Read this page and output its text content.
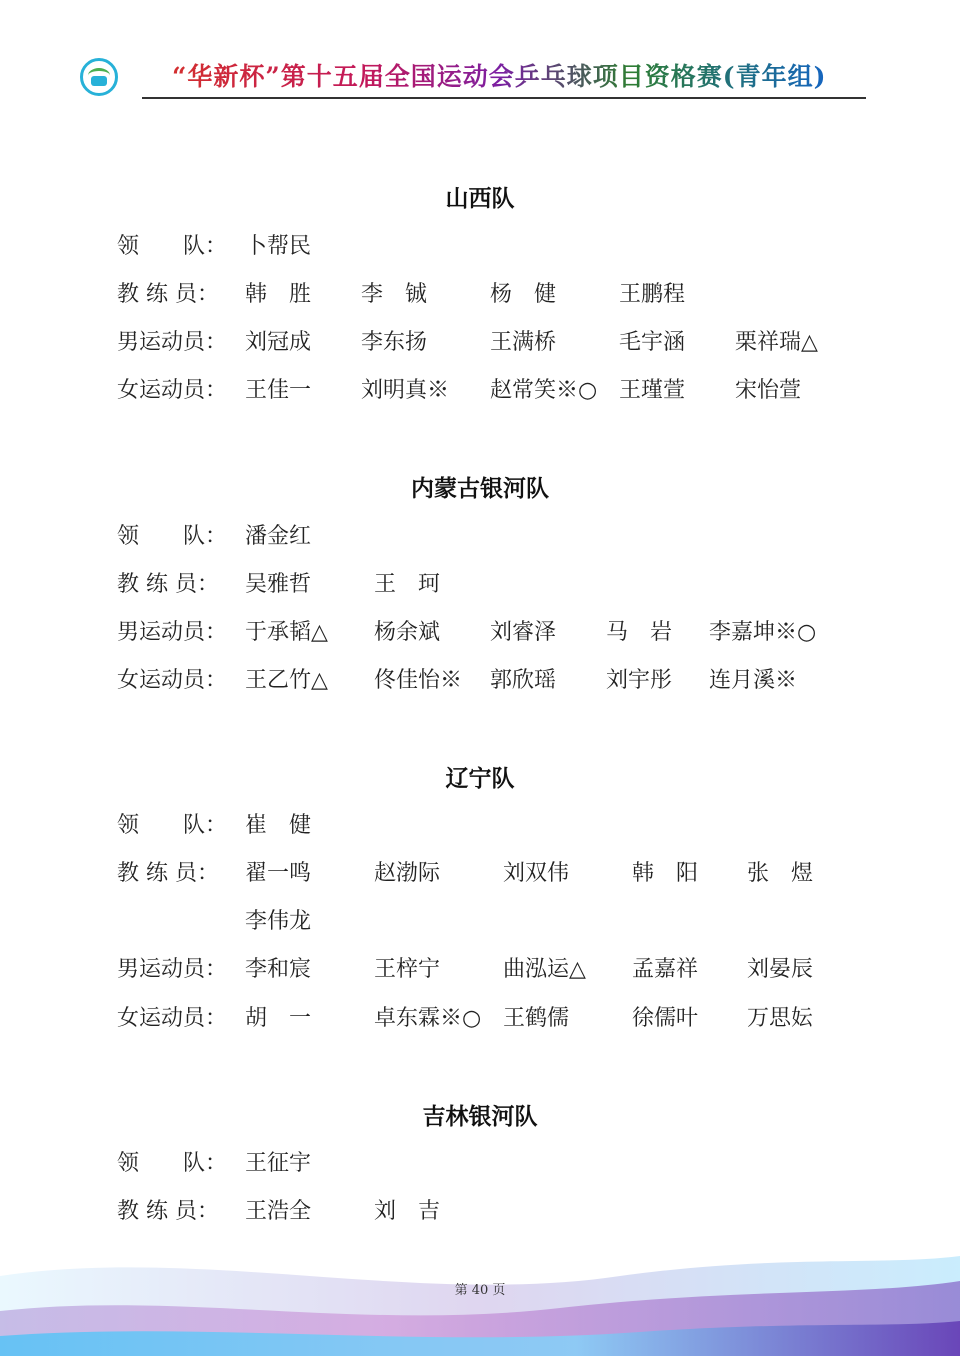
“华新杯”第十五届全国运动会乒乓球项目资格赛(青年组)
山西队
领　　队： 卜帮民
教 练 员： 韩　胜 李　铖	杨　健	王鹏程
男运动员： 刘冠成 李东扬	王满桥	毛宇涵 栗祥瑞△
女运动员： 王佳一 刘明真※ 赵常笑※○ 王瑾萱 宋怡萱
内蒙古银河队
领　　队： 潘金红
教 练 员： 吴雅哲	王　珂
男运动员： 于承韬△ 杨余斌 刘睿泽 马　岩 李嘉坤※○
女运动员： 王乙竹△ 佟佳怡※ 郭欣瑶 刘宇彤 连月溪※
辽宁队
领　　队： 崔　健
教 练 员： 翟一鸣	赵渤际	刘双伟	韩　阳 张　煜
李伟龙
男运动员： 李和宸	王梓宁	曲泓运△ 孟嘉祥 刘晏辰
女运动员： 胡　一	卓东霖※○ 王鹤儒	徐儒叶 万思妘
吉林银河队
领　　队： 王征宇
教 练 员： 王浩全	刘　吉
第 40 页
